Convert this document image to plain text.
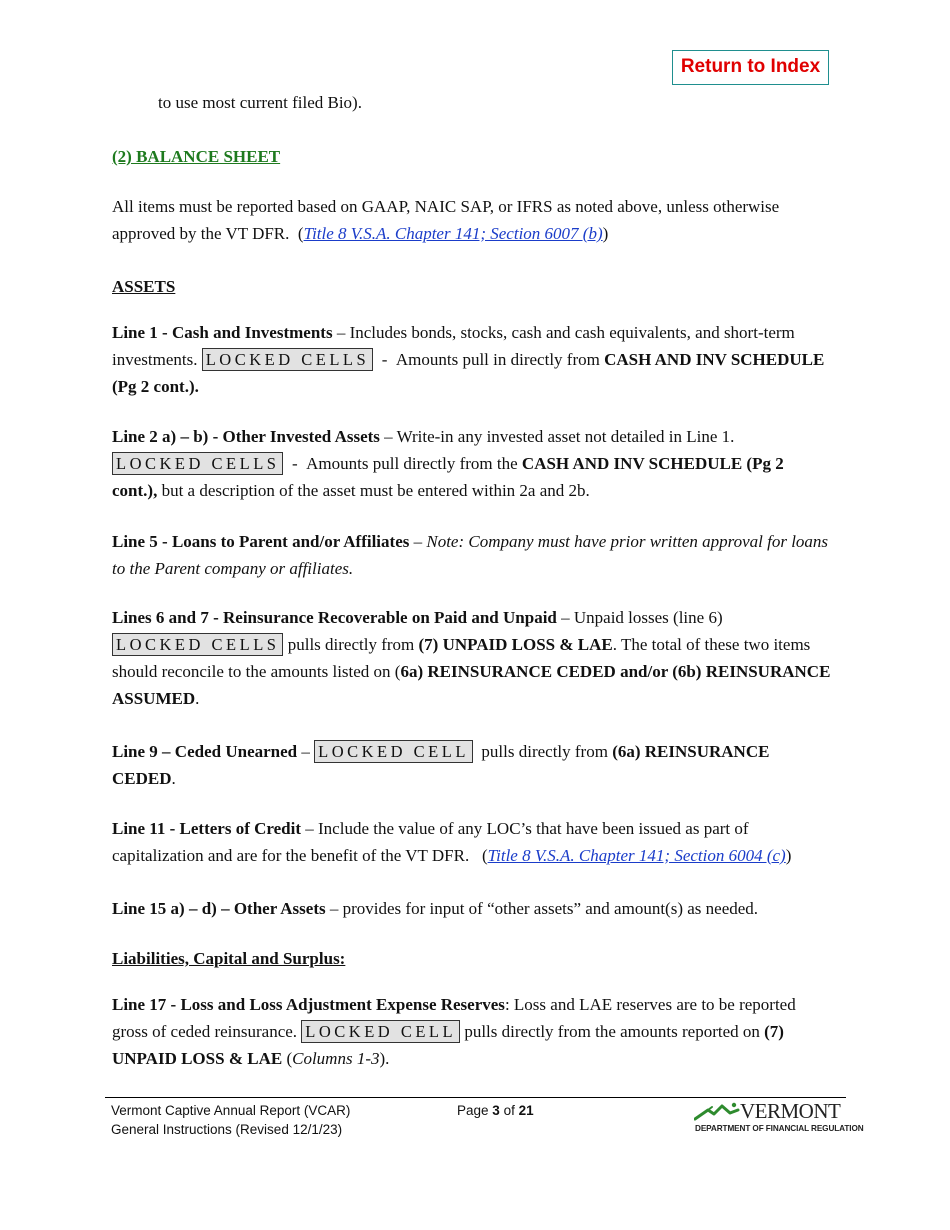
Return to Index
to use most current filed Bio).
(2) BALANCE SHEET
All items must be reported based on GAAP, NAIC SAP, or IFRS as noted above, unless otherwise approved by the VT DFR.  (Title 8 V.S.A. Chapter 141; Section 6007 (b))
ASSETS
Line 1 - Cash and Investments – Includes bonds, stocks, cash and cash equivalents, and short-term investments. LOCKED CELLS  -  Amounts pull in directly from CASH AND INV SCHEDULE (Pg 2 cont.).
Line 2 a) – b) - Other Invested Assets – Write-in any invested asset not detailed in Line 1.
LOCKED CELLS  -  Amounts pull directly from the CASH AND INV SCHEDULE (Pg 2 cont.), but a description of the asset must be entered within 2a and 2b.
Line 5 - Loans to Parent and/or Affiliates – Note: Company must have prior written approval for loans to the Parent company or affiliates.
Lines 6 and 7 - Reinsurance Recoverable on Paid and Unpaid – Unpaid losses (line 6)
LOCKED CELLS pulls directly from (7) UNPAID LOSS & LAE. The total of these two items should reconcile to the amounts listed on (6a) REINSURANCE CEDED and/or (6b) REINSURANCE ASSUMED.
Line 9 – Ceded Unearned – LOCKED CELL pulls directly from (6a) REINSURANCE CEDED.
Line 11 - Letters of Credit – Include the value of any LOC’s that have been issued as part of capitalization and are for the benefit of the VT DFR.   (Title 8 V.S.A. Chapter 141; Section 6004 (c))
Line 15 a) – d) – Other Assets – provides for input of “other assets” and amount(s) as needed.
Liabilities, Capital and Surplus:
Line 17 - Loss and Loss Adjustment Expense Reserves: Loss and LAE reserves are to be reported gross of ceded reinsurance. LOCKED CELL pulls directly from the amounts reported on (7) UNPAID LOSS & LAE (Columns 1-3).
Vermont Captive Annual Report (VCAR)
General Instructions (Revised 12/1/23)
Page 3 of 21	VERMONT
DEPARTMENT OF FINANCIAL REGULATION
